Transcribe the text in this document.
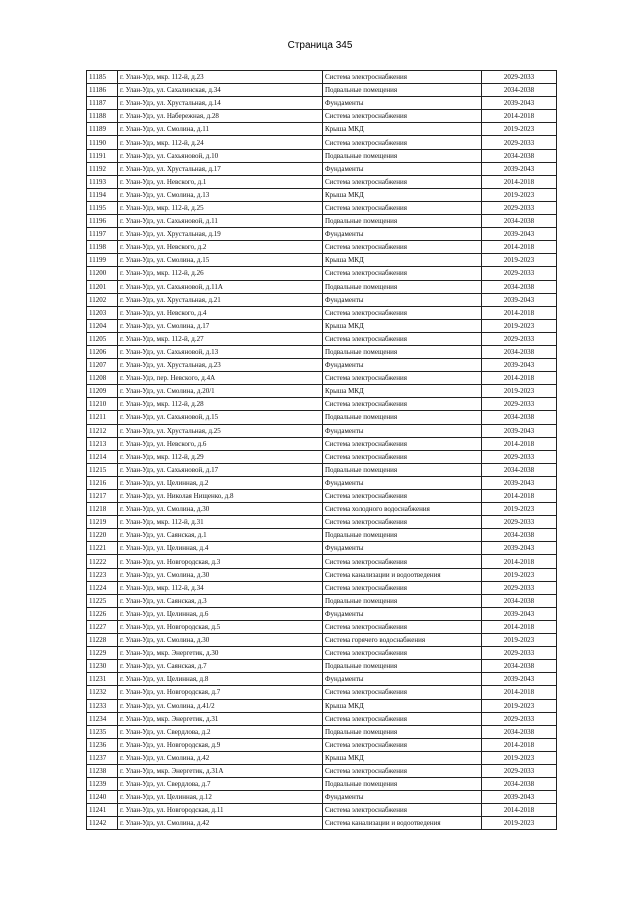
Страница 345
11185	г. Улан-Удэ, мкр. 112-й, д.23	Система электроснабжения	2029-2033
11186	г. Улан-Удэ, ул. Сахалинская, д.34	Подвальные помещения	2034-2038
11187	г. Улан-Удэ, ул. Хрустальная, д.14	Фундаменты	2039-2043
11188	г. Улан-Удэ, ул. Набережная, д.28	Система электроснабжения	2014-2018
11189	г. Улан-Удэ, ул. Смолина, д.11	Крыша МКД	2019-2023
11190	г. Улан-Удэ, мкр. 112-й, д.24	Система электроснабжения	2029-2033
11191	г. Улан-Удэ, ул. Сахьяновой, д.10	Подвальные помещения	2034-2038
11192	г. Улан-Удэ, ул. Хрустальная, д.17	Фундаменты	2039-2043
11193	г. Улан-Удэ, ул. Невского, д.1	Система электроснабжения	2014-2018
11194	г. Улан-Удэ, ул. Смолина, д.13	Крыша МКД	2019-2023
11195	г. Улан-Удэ, мкр. 112-й, д.25	Система электроснабжения	2029-2033
11196	г. Улан-Удэ, ул. Сахьяновой, д.11	Подвальные помещения	2034-2038
11197	г. Улан-Удэ, ул. Хрустальная, д.19	Фундаменты	2039-2043
11198	г. Улан-Удэ, ул. Невского, д.2	Система электроснабжения	2014-2018
11199	г. Улан-Удэ, ул. Смолина, д.15	Крыша МКД	2019-2023
11200	г. Улан-Удэ, мкр. 112-й, д.26	Система электроснабжения	2029-2033
11201	г. Улан-Удэ, ул. Сахьяновой, д.11А	Подвальные помещения	2034-2038
11202	г. Улан-Удэ, ул. Хрустальная, д.21	Фундаменты	2039-2043
11203	г. Улан-Удэ, ул. Невского, д.4	Система электроснабжения	2014-2018
11204	г. Улан-Удэ, ул. Смолина, д.17	Крыша МКД	2019-2023
11205	г. Улан-Удэ, мкр. 112-й, д.27	Система электроснабжения	2029-2033
11206	г. Улан-Удэ, ул. Сахьяновой, д.13	Подвальные помещения	2034-2038
11207	г. Улан-Удэ, ул. Хрустальная, д.23	Фундаменты	2039-2043
11208	г. Улан-Удэ, пер. Невского, д.4А	Система электроснабжения	2014-2018
11209	г. Улан-Удэ, ул. Смолина, д.20/1	Крыша МКД	2019-2023
11210	г. Улан-Удэ, мкр. 112-й, д.28	Система электроснабжения	2029-2033
11211	г. Улан-Удэ, ул. Сахьяновой, д.15	Подвальные помещения	2034-2038
11212	г. Улан-Удэ, ул. Хрустальная, д.25	Фундаменты	2039-2043
11213	г. Улан-Удэ, ул. Невского, д.6	Система электроснабжения	2014-2018
11214	г. Улан-Удэ, мкр. 112-й, д.29	Система электроснабжения	2029-2033
11215	г. Улан-Удэ, ул. Сахьяновой, д.17	Подвальные помещения	2034-2038
11216	г. Улан-Удэ, ул. Целинная, д.2	Фундаменты	2039-2043
11217	г. Улан-Удэ, ул. Николая Нищенко, д.8	Система электроснабжения	2014-2018
11218	г. Улан-Удэ, ул. Смолина, д.30	Система холодного водоснабжения	2019-2023
11219	г. Улан-Удэ, мкр. 112-й, д.31	Система электроснабжения	2029-2033
11220	г. Улан-Удэ, ул. Саянская, д.1	Подвальные помещения	2034-2038
11221	г. Улан-Удэ, ул. Целинная, д.4	Фундаменты	2039-2043
11222	г. Улан-Удэ, ул. Новгородская, д.3	Система электроснабжения	2014-2018
11223	г. Улан-Удэ, ул. Смолина, д.30	Система канализации и водоотведения	2019-2023
11224	г. Улан-Удэ, мкр. 112-й, д.34	Система электроснабжения	2029-2033
11225	г. Улан-Удэ, ул. Саянская, д.3	Подвальные помещения	2034-2038
11226	г. Улан-Удэ, ул. Целинная, д.6	Фундаменты	2039-2043
11227	г. Улан-Удэ, ул. Новгородская, д.5	Система электроснабжения	2014-2018
11228	г. Улан-Удэ, ул. Смолина, д.30	Система горячего водоснабжения	2019-2023
11229	г. Улан-Удэ, мкр. Энергетик, д.30	Система электроснабжения	2029-2033
11230	г. Улан-Удэ, ул. Саянская, д.7	Подвальные помещения	2034-2038
11231	г. Улан-Удэ, ул. Целинная, д.8	Фундаменты	2039-2043
11232	г. Улан-Удэ, ул. Новгородская, д.7	Система электроснабжения	2014-2018
11233	г. Улан-Удэ, ул. Смолина, д.41/2	Крыша МКД	2019-2023
11234	г. Улан-Удэ, мкр. Энергетик, д.31	Система электроснабжения	2029-2033
11235	г. Улан-Удэ, ул. Свердлова, д.2	Подвальные помещения	2034-2038
11236	г. Улан-Удэ, ул. Новгородская, д.9	Система электроснабжения	2014-2018
11237	г. Улан-Удэ, ул. Смолина, д.42	Крыша МКД	2019-2023
11238	г. Улан-Удэ, мкр. Энергетик, д.31А	Система электроснабжения	2029-2033
11239	г. Улан-Удэ, ул. Свердлова, д.7	Подвальные помещения	2034-2038
11240	г. Улан-Удэ, ул. Целинная, д.12	Фундаменты	2039-2043
11241	г. Улан-Удэ, ул. Новгородская, д.11	Система электроснабжения	2014-2018
11242	г. Улан-Удэ, ул. Смолина, д.42	Система канализации и водоотведения	2019-2023
